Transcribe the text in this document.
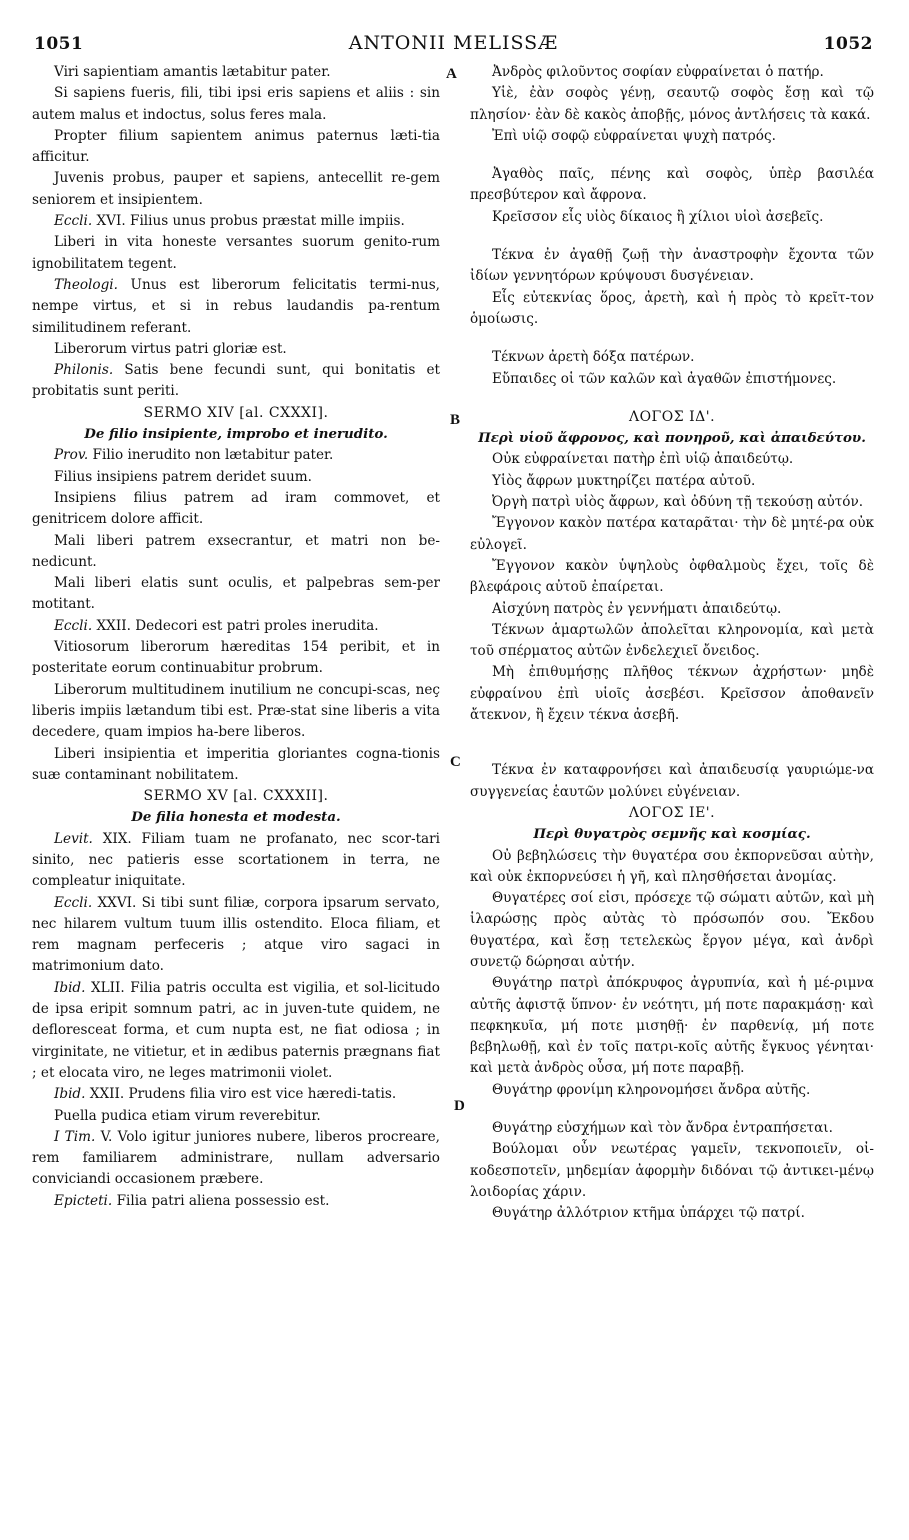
1051	ANTONII MELISSÆ	1052
A
B
C
D

Viri sapientiam amantis lætabitur pater.

Si sapiens fueris, fili, tibi ipsi eris sapiens et aliis : sin autem malus et indoctus, solus feres mala.

Propter filium sapientem animus paternus læti-tia afficitur.

Juvenis probus, pauper et sapiens, antecellit re-gem seniorem et insipientem.

Eccli. XVI. Filius unus probus præstat mille impiis.

Liberi in vita honeste versantes suorum genito-rum ignobilitatem tegent.

Theologi. Unus est liberorum felicitatis termi-nus, nempe virtus, et si in rebus laudandis pa-rentum similitudinem referant.

Liberorum virtus patri gloriæ est.

Philonis. Satis bene fecundi sunt, qui bonitatis et probitatis sunt periti.

SERMO XIV [al. CXXXI].

De filio insipiente, improbo et inerudito.

Prov. Filio inerudito non lætabitur pater.

Filius insipiens patrem deridet suum.

Insipiens filius patrem ad iram commovet, et genitricem dolore afficit.

Mali liberi patrem exsecrantur, et matri non be-nedicunt.

Mali liberi elatis sunt oculis, et palpebras sem-per motitant.

Eccli. XXII. Dedecori est patri proles inerudita.

Vitiosorum liberorum hæreditas 154 peribit, et in posteritate eorum continuabitur probrum.

Liberorum multitudinem inutilium ne concupi-scas, neç liberis impiis lætandum tibi est. Præ-stat sine liberis a vita decedere, quam impios ha-bere liberos.

Liberi insipientia et imperitia gloriantes cogna-tionis suæ contaminant nobilitatem.

SERMO XV [al. CXXXII].

De filia honesta et modesta.

Levit. XIX. Filiam tuam ne profanato, nec scor-tari sinito, nec patieris esse scortationem in terra, ne compleatur iniquitate.

Eccli. XXVI. Si tibi sunt filiæ, corpora ipsarum servato, nec hilarem vultum tuum illis ostendito. Eloca filiam, et rem magnam perfeceris ; atque viro sagaci in matrimonium dato.

Ibid. XLII. Filia patris occulta est vigilia, et sol-licitudo de ipsa eripit somnum patri, ac in juven-tute quidem, ne defloresceat forma, et cum nupta est, ne fiat odiosa ; in virginitate, ne vitietur, et in ædibus paternis prægnans fiat ; et elocata viro, ne leges matrimonii violet.

Ibid. XXII. Prudens filia viro est vice hæredi-tatis.

Puella pudica etiam virum reverebitur.

I Tim. V. Volo igitur juniores nubere, liberos procreare, rem familiarem administrare, nullam adversario conviciandi occasionem præbere.

Epicteti. Filia patri aliena possessio est.

Ἀνδρὸς φιλοῦντος σοφίαν εὐφραίνεται ὁ πατήρ.

Υἱὲ, ἐὰν σοφὸς γένῃ, σεαυτῷ σοφὸς ἔσῃ καὶ τῷ πλησίον· ἐὰν δὲ κακὸς ἀποβῇς, μόνος ἀντλήσεις τὰ κακά.

Ἐπὶ υἱῷ σοφῷ εὐφραίνεται ψυχὴ πατρός.

Ἀγαθὸς παῖς, πένης καὶ σοφὸς, ὑπὲρ βασιλέα πρεσβύτερον καὶ ἄφρονα.

Κρεῖσσον εἷς υἱὸς δίκαιος ἢ χίλιοι υἱοὶ ἀσεβεῖς.

Τέκνα ἐν ἀγαθῇ ζωῇ τὴν ἀναστροφὴν ἔχοντα τῶν ἰδίων γεννητόρων κρύψουσι δυσγένειαν.

Εἷς εὐτεκνίας ὅρος, ἀρετὴ, καὶ ἡ πρὸς τὸ κρεῖτ-τον ὁμοίωσις.

Τέκνων ἀρετὴ δόξα πατέρων.

Εὔπαιδες οἱ τῶν καλῶν καὶ ἀγαθῶν ἐπιστήμονες.

ΛΟΓΟΣ ΙΔ'.

Περὶ υἱοῦ ἄφρονος, καὶ πονηροῦ, καὶ ἀπαιδεύτου.

Οὐκ εὐφραίνεται πατὴρ ἐπὶ υἱῷ ἀπαιδεύτῳ.

Υἱὸς ἄφρων μυκτηρίζει πατέρα αὐτοῦ.

Ὀργὴ πατρὶ υἱὸς ἄφρων, καὶ ὀδύνη τῇ τεκούσῃ αὐτόν.

Ἔγγονον κακὸν πατέρα καταρᾶται· τὴν δὲ μητέ-ρα οὐκ εὐλογεῖ.

Ἔγγονον κακὸν ὑψηλοὺς ὀφθαλμοὺς ἔχει, τοῖς δὲ βλεφάροις αὐτοῦ ἐπαίρεται.

Αἰσχύνη πατρὸς ἐν γεννήματι ἀπαιδεύτῳ.

Τέκνων ἁμαρτωλῶν ἀπολεῖται κληρονομία, καὶ μετὰ τοῦ σπέρματος αὐτῶν ἐνδελεχιεῖ ὄνειδος.

Μὴ ἐπιθυμήσῃς πλῆθος τέκνων ἀχρήστων· μηδὲ εὐφραίνου ἐπὶ υἱοῖς ἀσεβέσι. Κρεῖσσον ἀποθανεῖν ἄτεκνον, ἢ ἔχειν τέκνα ἀσεβῆ.

Τέκνα ἐν καταφρονήσει καὶ ἀπαιδευσίᾳ γαυριώμε-να συγγενείας ἑαυτῶν μολύνει εὐγένειαν.

ΛΟΓΟΣ ΙΕ'.

Περὶ θυγατρὸς σεμνῆς καὶ κοσμίας.

Οὐ βεβηλώσεις τὴν θυγατέρα σου ἐκπορνεῦσαι αὐτὴν, καὶ οὐκ ἐκπορνεύσει ἡ γῆ, καὶ πλησθήσεται ἀνομίας.

Θυγατέρες σοί εἰσι, πρόσεχε τῷ σώματι αὐτῶν, καὶ μὴ ἱλαρώσῃς πρὸς αὐτὰς τὸ πρόσωπόν σου. Ἔκδου θυγατέρα, καὶ ἔσῃ τετελεκὼς ἔργον μέγα, καὶ ἀνδρὶ συνετῷ δώρησαι αὐτήν.

Θυγάτηρ πατρὶ ἀπόκρυφος ἀγρυπνία, καὶ ἡ μέ-ριμνα αὐτῆς ἀφιστᾷ ὕπνον· ἐν νεότητι, μή ποτε παρακμάσῃ· καὶ πεφκηκυῖα, μή ποτε μισηθῇ· ἐν παρθενίᾳ, μή ποτε βεβηλωθῇ, καὶ ἐν τοῖς πατρι-κοῖς αὐτῆς ἔγκυος γένηται· καὶ μετὰ ἀνδρὸς οὖσα, μή ποτε παραβῇ.

Θυγάτηρ φρονίμη κληρονομήσει ἄνδρα αὐτῆς.

Θυγάτηρ εὐσχήμων καὶ τὸν ἄνδρα ἐντραπήσεται.

Βούλομαι οὖν νεωτέρας γαμεῖν, τεκνοποιεῖν, οἰ-κοδεσποτεῖν, μηδεμίαν ἀφορμὴν διδόναι τῷ ἀντικει-μένῳ λοιδορίας χάριν.

Θυγάτηρ ἀλλότριον κτῆμα ὑπάρχει τῷ πατρί.
